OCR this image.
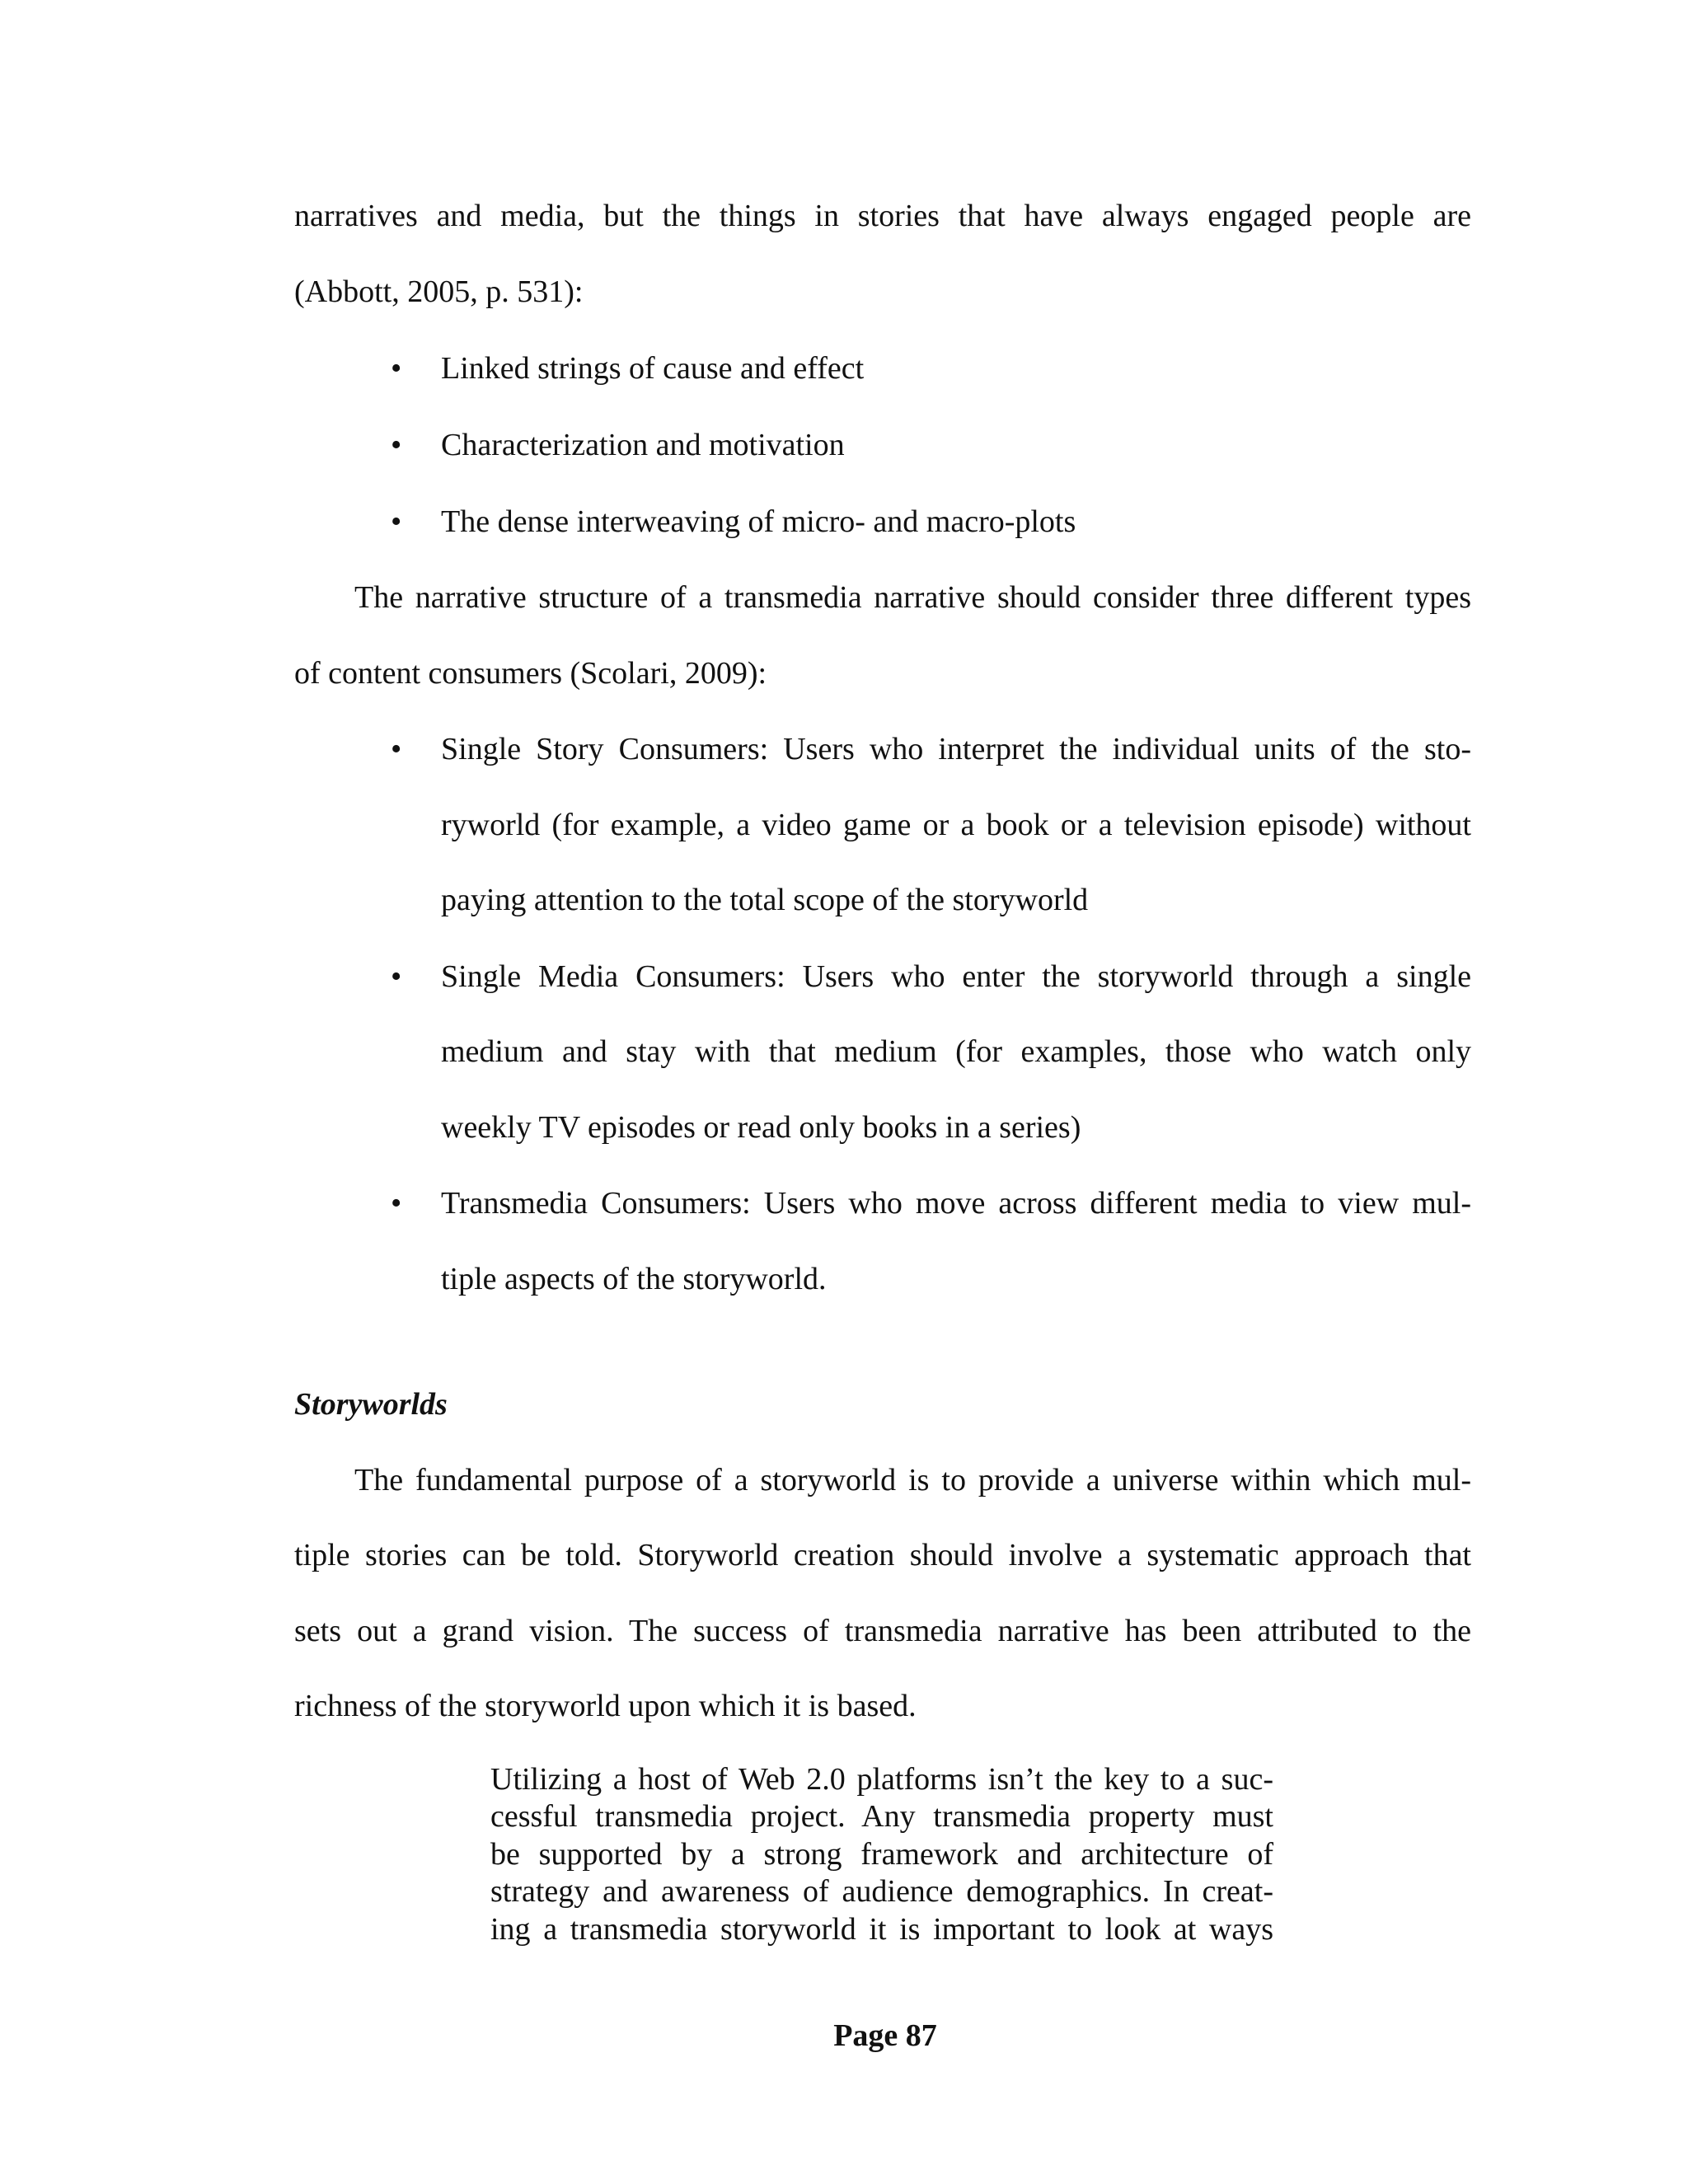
narratives and media, but the things in stories that have always engaged people are
(Abbott, 2005, p. 531):
• Linked strings of cause and effect
• Characterization and motivation
• The dense interweaving of micro- and macro-plots
The narrative structure of a transmedia narrative should consider three different types
of content consumers (Scolari, 2009):
• Single Story Consumers: Users who interpret the individual units of the sto-
ryworld (for example, a video game or a book or a television episode) without
paying attention to the total scope of the storyworld
• Single Media Consumers: Users who enter the storyworld through a single
medium and stay with that medium (for examples, those who watch only
weekly TV episodes or read only books in a series)
• Transmedia Consumers: Users who move across different media to view mul-
tiple aspects of the storyworld.
Storyworlds
The fundamental purpose of a storyworld is to provide a universe within which mul-
tiple stories can be told. Storyworld creation should involve a systematic approach that
sets out a grand vision. The success of transmedia narrative has been attributed to the
richness of the storyworld upon which it is based.
Utilizing a host of Web 2.0 platforms isn’t the key to a suc-
cessful transmedia project. Any transmedia property must
be supported by a strong framework and architecture of
strategy and awareness of audience demographics. In creat-
ing a transmedia storyworld it is important to look at ways
Page 87
